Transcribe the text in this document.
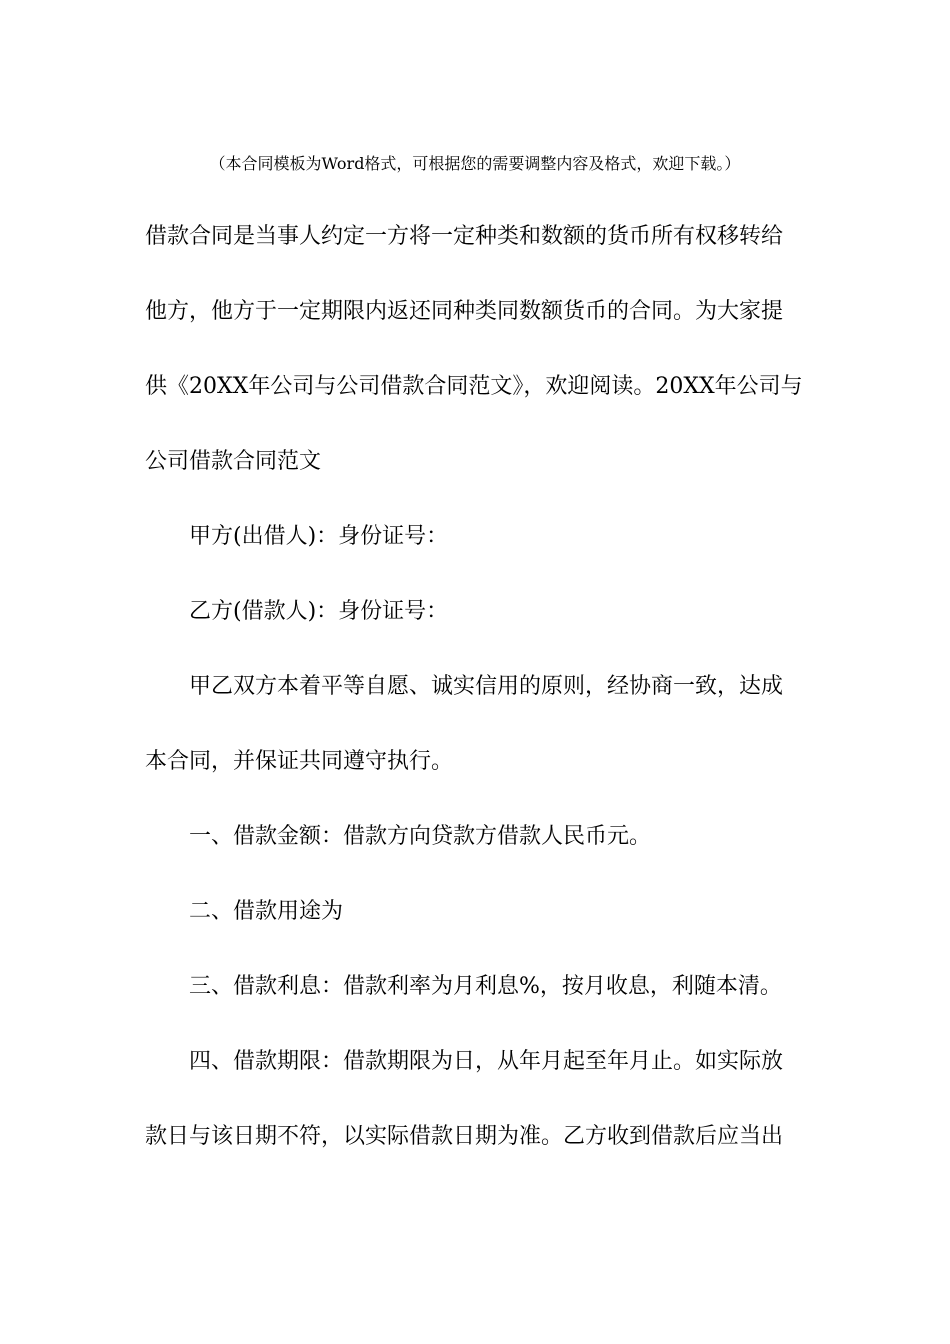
（本合同模板为Word格式，可根据您的需要调整内容及格式，欢迎下载。）
借款合同是当事人约定一方将一定种类和数额的货币所有权移转给
他方，他方于一定期限内返还同种类同数额货币的合同。为大家提
供《20XX年公司与公司借款合同范文》，欢迎阅读。20XX年公司与
公司借款合同范文
甲方(出借人)：身份证号：
乙方(借款人)：身份证号：
甲乙双方本着平等自愿、诚实信用的原则，经协商一致，达成
本合同，并保证共同遵守执行。
一、借款金额：借款方向贷款方借款人民币元。
二、借款用途为
三、借款利息：借款利率为月利息%，按月收息，利随本清。
四、借款期限：借款期限为日，从年月起至年月止。如实际放
款日与该日期不符，以实际借款日期为准。乙方收到借款后应当出
